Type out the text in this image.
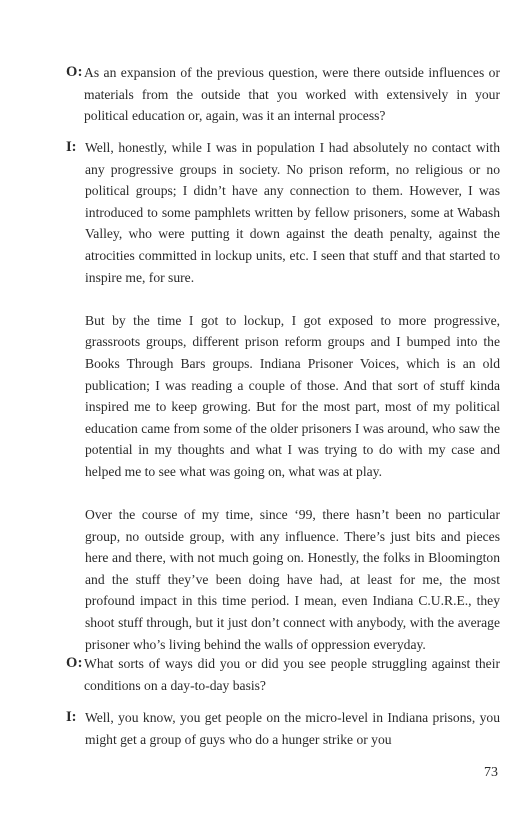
O: As an expansion of the previous question, were there outside influences or materials from the outside that you worked with extensively in your political education or, again, was it an internal process?

I: Well, honestly, while I was in population I had absolutely no contact with any progressive groups in society. No prison reform, no religious or no political groups; I didn’t have any connection to them. However, I was introduced to some pamphlets written by fellow prisoners, some at Wabash Valley, who were putting it down against the death penalty, against the atrocities committed in lockup units, etc. I seen that stuff and that started to inspire me, for sure.

But by the time I got to lockup, I got exposed to more progressive, grassroots groups, different prison reform groups and I bumped into the Books Through Bars groups. Indiana Prisoner Voices, which is an old publication; I was reading a couple of those. And that sort of stuff kinda inspired me to keep growing. But for the most part, most of my political education came from some of the older prisoners I was around, who saw the potential in my thoughts and what I was trying to do with my case and helped me to see what was going on, what was at play.

Over the course of my time, since ‘99, there hasn’t been no particular group, no outside group, with any influence. There’s just bits and pieces here and there, with not much going on. Honestly, the folks in Bloomington and the stuff they’ve been doing have had, at least for me, the most profound impact in this time period. I mean, even Indiana C.U.R.E., they shoot stuff through, but it just don’t connect with anybody, with the average prisoner who’s living behind the walls of oppression everyday.

O: What sorts of ways did you or did you see people struggling against their conditions on a day-to-day basis?

I: Well, you know, you get people on the micro-level in Indiana prisons, you might get a group of guys who do a hunger strike or you

73
